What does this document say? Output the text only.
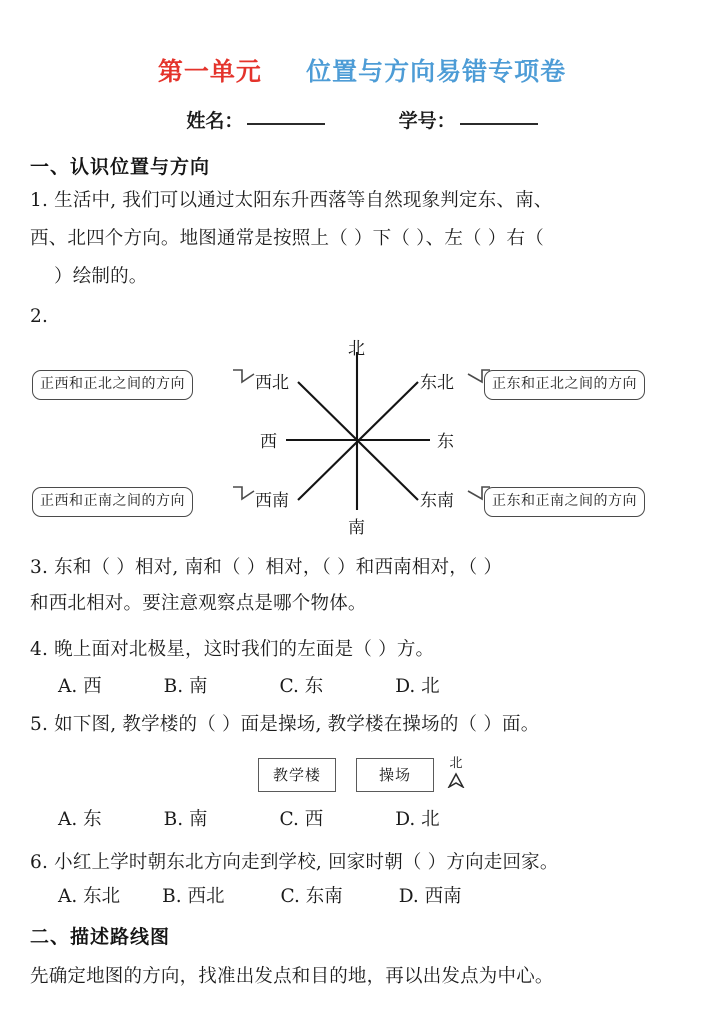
第一单元 位置与方向易错专项卷
姓名：	学号：
一、认识位置与方向
1. 生活中, 我们可以通过太阳东升西落等自然现象判定东、南、
西、北四个方向。地图通常是按照上（ ）下（ ）、左（ ）右（
）绘制的。
2.
北
南
西	东
西北	东北
西南	东南
正西和正北之间的方向	正东和正北之间的方向
正西和正南之间的方向	正东和正南之间的方向
3. 东和（ ）相对, 南和（ ）相对，（ ）和西南相对，（ ）
和西北相对。要注意观察点是哪个物体。
4. 晚上面对北极星，这时我们的左面是（ ）方。
A. 西	B. 南	C. 东	D. 北
5. 如下图, 教学楼的（ ）面是操场, 教学楼在操场的（ ）面。
教学楼	操场
北
A. 东	B. 南	C. 西	D. 北
6. 小红上学时朝东北方向走到学校, 回家时朝（ ）方向走回家。
A. 东北 B. 西北	C. 东南	D. 西南
二、描述路线图
先确定地图的方向，找准出发点和目的地，再以出发点为中心。
